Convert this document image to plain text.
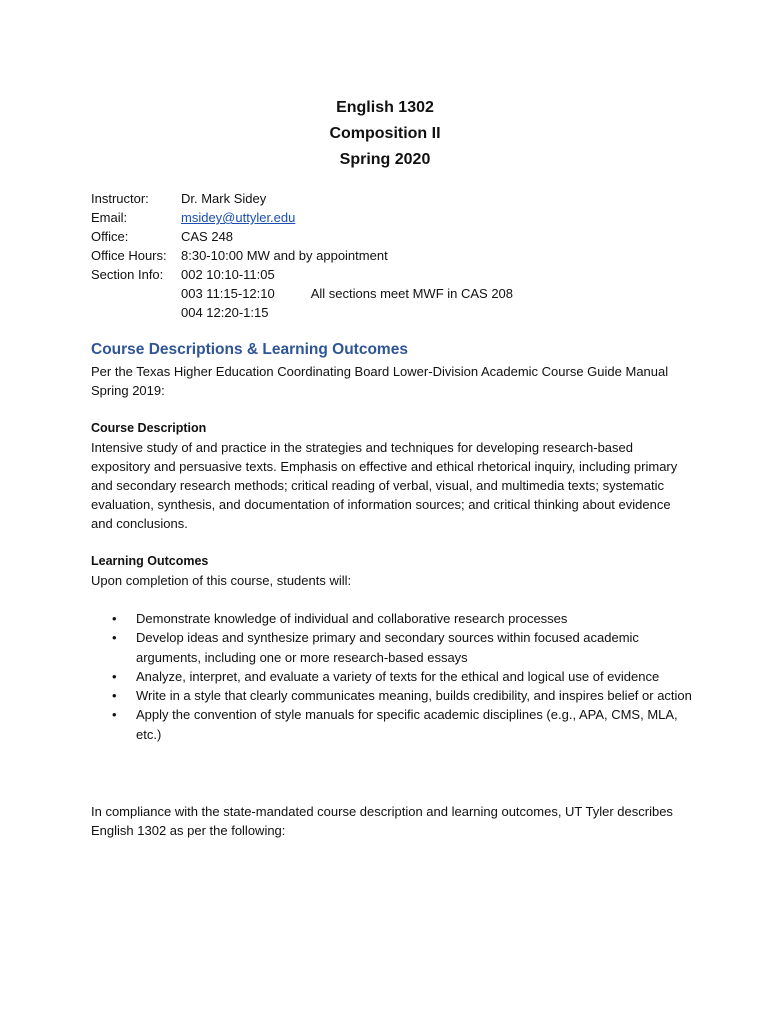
English 1302
Composition II
Spring 2020
Instructor:	Dr. Mark Sidey
Email:	msidey@uttyler.edu
Office:	CAS 248
Office Hours:	8:30-10:00 MW and by appointment
Section Info:	002 10:10-11:05
003 11:15-12:10	All sections meet MWF in CAS 208
004 12:20-1:15
Course Descriptions & Learning Outcomes
Per the Texas Higher Education Coordinating Board Lower-Division Academic Course Guide Manual Spring 2019:
Course Description
Intensive study of and practice in the strategies and techniques for developing research-based expository and persuasive texts. Emphasis on effective and ethical rhetorical inquiry, including primary and secondary research methods; critical reading of verbal, visual, and multimedia texts; systematic evaluation, synthesis, and documentation of information sources; and critical thinking about evidence and conclusions.
Learning Outcomes
Upon completion of this course, students will:
• Demonstrate knowledge of individual and collaborative research processes
• Develop ideas and synthesize primary and secondary sources within focused academic arguments, including one or more research-based essays
• Analyze, interpret, and evaluate a variety of texts for the ethical and logical use of evidence
• Write in a style that clearly communicates meaning, builds credibility, and inspires belief or action
• Apply the convention of style manuals for specific academic disciplines (e.g., APA, CMS, MLA, etc.)
In compliance with the state-mandated course description and learning outcomes, UT Tyler describes English 1302 as per the following:
